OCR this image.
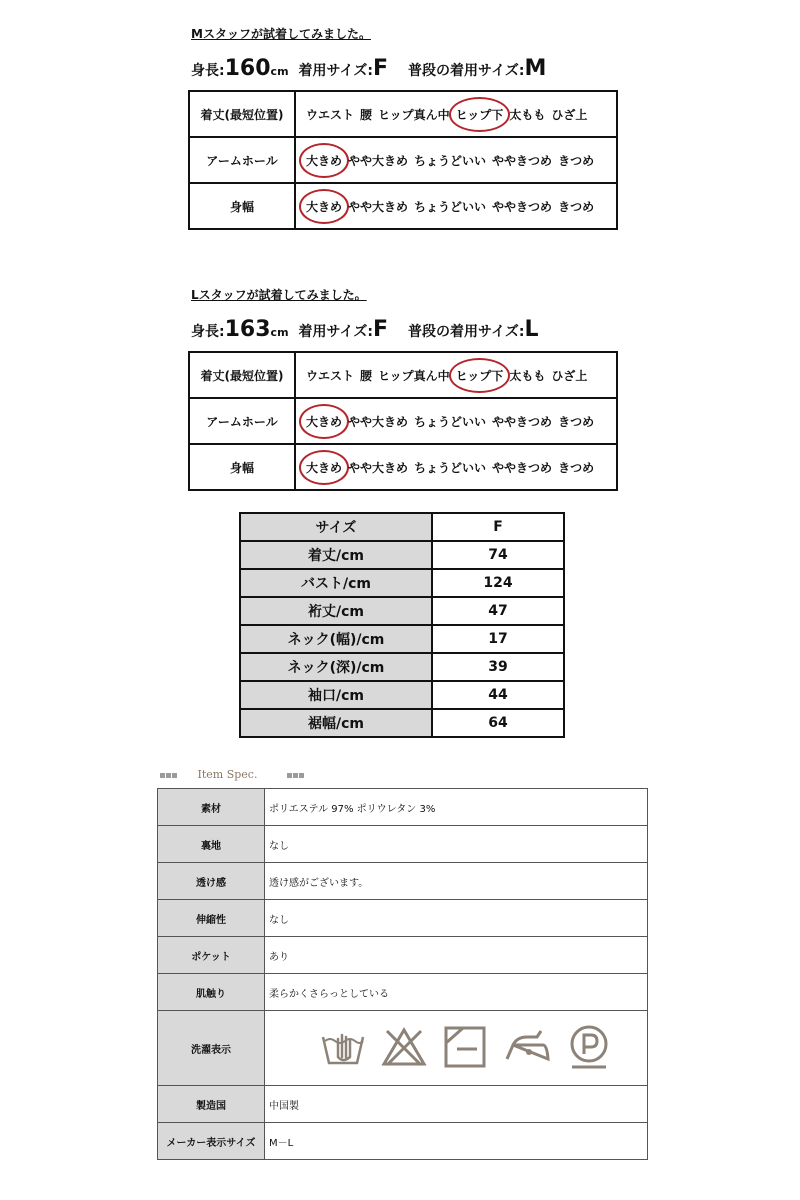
Mスタッフが試着してみました。
身長:160cm 着用サイズ:F 普段の着用サイズ:M
着丈(最短位置)	ウエスト 腰 ヒップ真ん中 ヒップ下 太もも ひざ上
アームホール	大きめ やや大きめ ちょうどいい ややきつめ きつめ
身幅	大きめ やや大きめ ちょうどいい ややきつめ きつめ
Lスタッフが試着してみました。
身長:163cm 着用サイズ:F 普段の着用サイズ:L
着丈(最短位置)	ウエスト 腰 ヒップ真ん中 ヒップ下 太もも ひざ上
アームホール	大きめ やや大きめ ちょうどいい ややきつめ きつめ
身幅	大きめ やや大きめ ちょうどいい ややきつめ きつめ
サイズ	F
着丈/cm	74
バスト/cm	124
裄丈/cm	47
ネック(幅)/cm	17
ネック(深)/cm	39
袖口/cm	44
裾幅/cm	64
Item Spec.
素材	ポリエステル 97% ポリウレタン 3%
裏地	なし
透け感	透け感がございます。
伸縮性	なし
ポケット	あり
肌触り	柔らかくさらっとしている
洗濯表示	

製造国	中国製
メーカー表示サイズ	M－L
